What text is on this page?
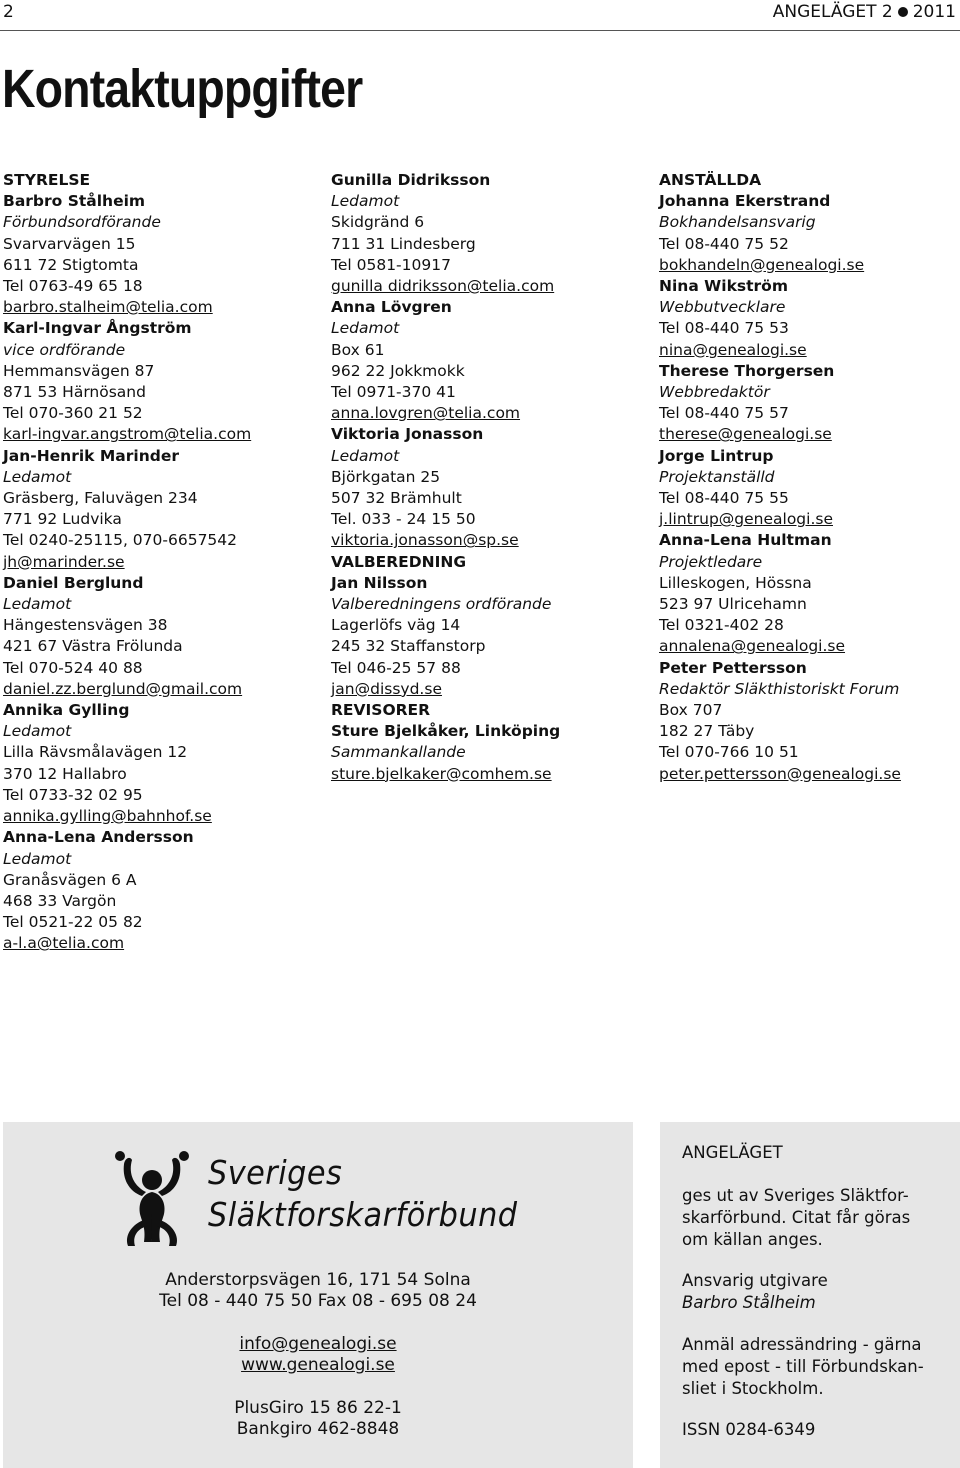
2	ANGELÄGET 2 2011
Kontaktuppgifter
STYRELSE
Barbro Stålheim
Förbundsordförande
Svarvarvägen 15
611 72 Stigtomta
Tel 0763-49 65 18
barbro.stalheim@telia.com
Karl-Ingvar Ångström
vice ordförande
Hemmansvägen 87
871 53 Härnösand
Tel 070-360 21 52
karl-ingvar.angstrom@telia.com
Jan-Henrik Marinder
Ledamot
Gräsberg, Faluvägen 234
771 92 Ludvika
Tel 0240-25115, 070-6657542
jh@marinder.se
Daniel Berglund
Ledamot
Hängestensvägen 38
421 67 Västra Frölunda
Tel 070-524 40 88
daniel.zz.berglund@gmail.com
Annika Gylling
Ledamot
Lilla Rävsmålavägen 12
370 12 Hallabro
Tel 0733-32 02 95
annika.gylling@bahnhof.se
Anna-Lena Andersson
Ledamot
Granåsvägen 6 A
468 33 Vargön
Tel 0521-22 05 82
a-l.a@telia.com
Gunilla Didriksson
Ledamot
Skidgränd 6
711 31 Lindesberg
Tel 0581-10917
gunilla didriksson@telia.com
Anna Lövgren
Ledamot
Box 61
962 22 Jokkmokk
Tel 0971-370 41
anna.lovgren@telia.com
Viktoria Jonasson
Ledamot
Björkgatan 25
507 32 Brämhult
Tel. 033 - 24 15 50
viktoria.jonasson@sp.se
VALBEREDNING
Jan Nilsson
Valberedningens ordförande
Lagerlöfs väg 14
245 32 Staffanstorp
Tel 046-25 57 88
jan@dissyd.se
REVISORER
Sture Bjelkåker, Linköping
Sammankallande
sture.bjelkaker@comhem.se
ANSTÄLLDA
Johanna Ekerstrand
Bokhandelsansvarig
Tel 08-440 75 52
bokhandeln@genealogi.se
Nina Wikström
Webbutvecklare
Tel 08-440 75 53
nina@genealogi.se
Therese Thorgersen
Webbredaktör
Tel 08-440 75 57
therese@genealogi.se
Jorge Lintrup
Projektanställd
Tel 08-440 75 55
j.lintrup@genealogi.se
Anna-Lena Hultman
Projektledare
Lilleskogen, Hössna
523 97 Ulricehamn
Tel 0321-402 28
annalena@genealogi.se
Peter Pettersson
Redaktör Släkthistoriskt Forum
Box 707
182 27 Täby
Tel 070-766 10 51
peter.pettersson@genealogi.se
Sveriges
Släktforskarförbund
Anderstorpsvägen 16, 171 54 Solna
Tel 08 - 440 75 50 Fax 08 - 695 08 24
info@genealogi.se
www.genealogi.se
PlusGiro 15 86 22-1
Bankgiro 462-8848
ANGELÄGET
ges ut av Sveriges Släktfor-
skarförbund. Citat får göras
om källan anges.
Ansvarig utgivare
Barbro Stålheim
Anmäl adressändring - gärna
med epost - till Förbundskan-
sliet i Stockholm.
ISSN 0284-6349
